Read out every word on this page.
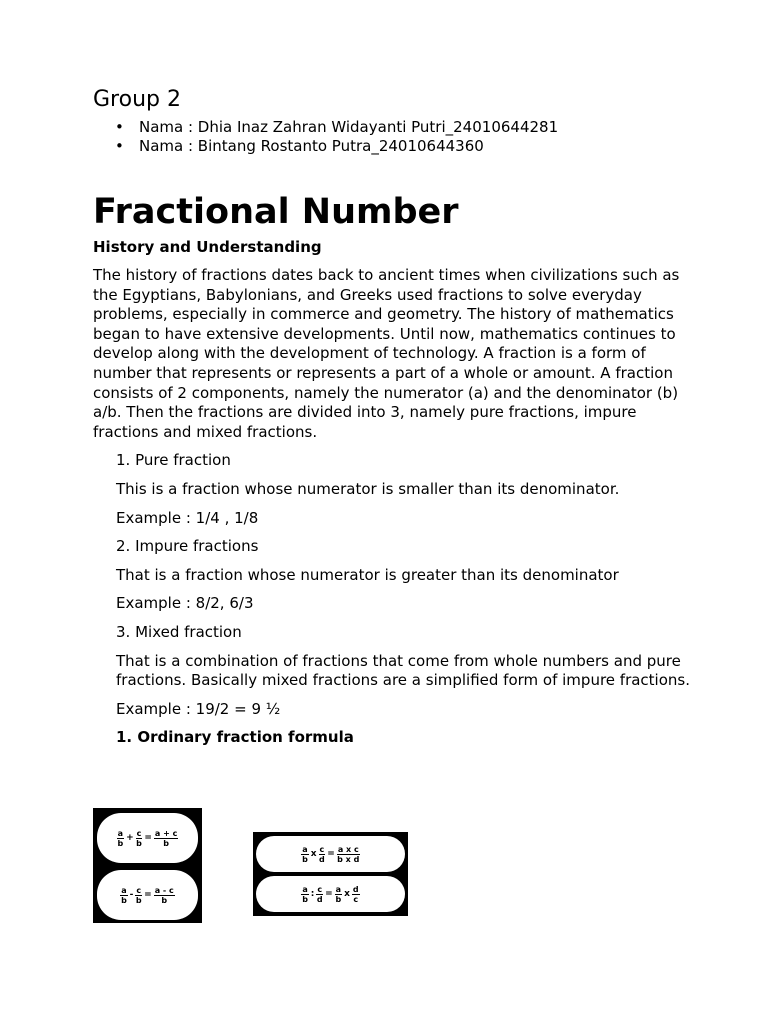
Group 2
• Nama : Dhia Inaz Zahran Widayanti Putri_24010644281
• Nama : Bintang Rostanto Putra_24010644360
Fractional Number

History and Understanding

The history of fractions dates back to ancient times when civilizations such as the Egyptians, Babylonians, and Greeks used fractions to solve everyday problems, especially in commerce and geometry. The history of mathematics began to have extensive developments. Until now, mathematics continues to develop along with the development of technology. A fraction is a form of number that represents or represents a part of a whole or amount. A fraction consists of 2 components, namely the numerator (a) and the denominator (b) a/b. Then the fractions are divided into 3, namely pure fractions, impure fractions and mixed fractions.

1. Pure fraction

This is a fraction whose numerator is smaller than its denominator.

Example : 1/4 , 1/8

2. Impure fractions

That is a fraction whose numerator is greater than its denominator

Example : 8/2, 6/3

3. Mixed fraction

That is a combination of fractions that come from whole numbers and pure fractions. Basically mixed fractions are a simplified form of impure fractions.

Example : 19/2 = 9 ½

1. Ordinary fraction formula

$\frac{a}{b} + \frac{c}{b} = \frac{a + c}{b}$
$\frac{a}{b} - \frac{c}{b} = \frac{a - c}{b}$
$\frac{a}{b}$ x $\frac{c}{d} = \frac{\text{a x c}}{\text{b x d}}$
$\frac{a}{b}$ : $\frac{c}{d} = \frac{a}{b}$ x $\frac{d}{c}$
